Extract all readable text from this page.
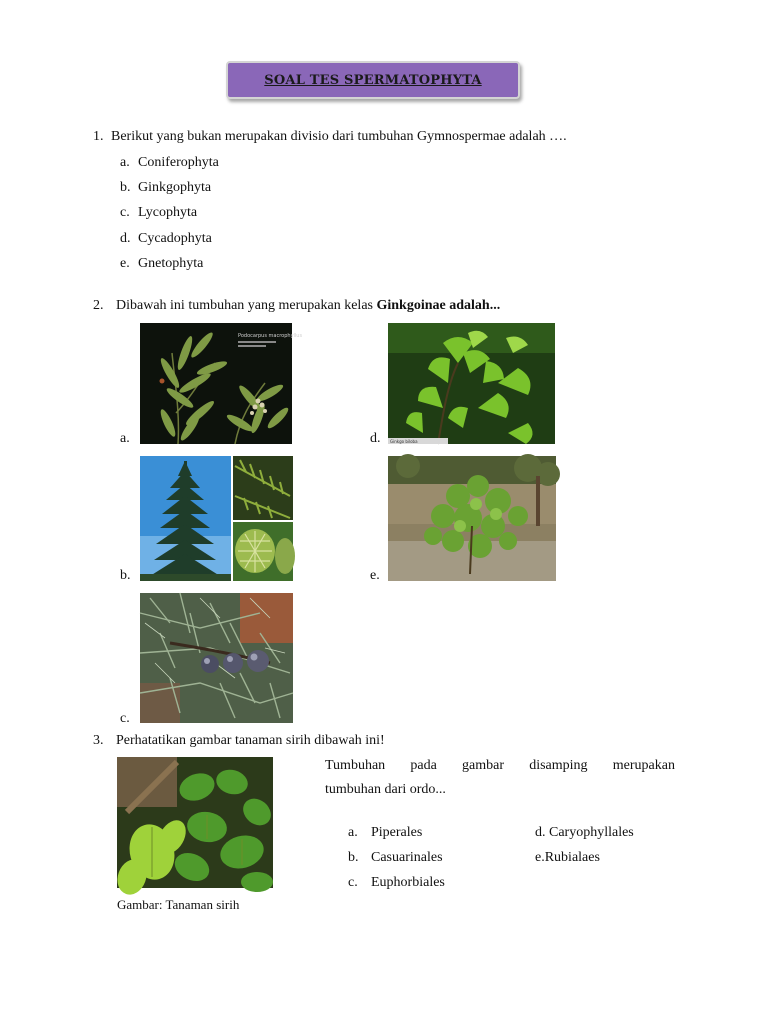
SOAL TES SPERMATOPHYTA
1. Berikut yang bukan merupakan divisio dari tumbuhan Gymnospermae adalah ….
a. Coniferophyta
b. Ginkgophyta
c. Lycophyta
d. Cycadophyta
e. Gnetophyta
2. Dibawah ini tumbuhan yang merupakan kelas Ginkgoinae adalah...
a.
Podocarpus macrophyllus
d. Ginkgo biloba
b.	e.
c.
3. Perhatatikan gambar tanaman sirih dibawah ini!
Tumbuhan pada gambar disamping merupakan
tumbuhan dari ordo...
a. Piperales
b. Casuarinales
c. Euphorbiales
d. Caryophyllales
e.Rubialaes
Gambar: Tanaman sirih
